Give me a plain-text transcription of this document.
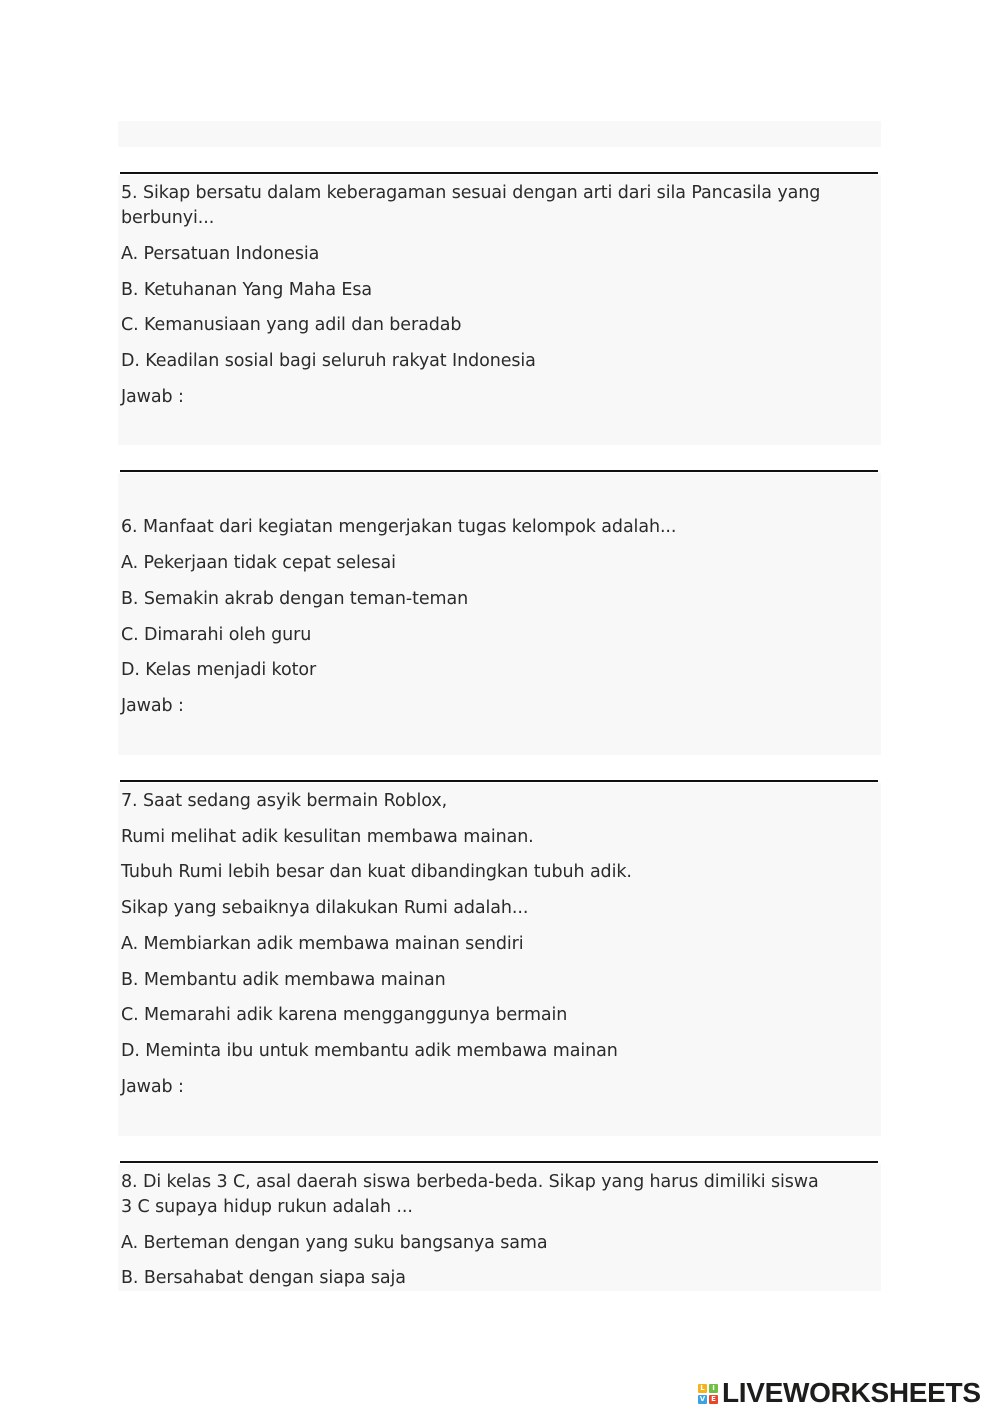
5. Sikap bersatu dalam keberagaman sesuai dengan arti dari sila Pancasila yang berbunyi...
A. Persatuan Indonesia
B. Ketuhanan Yang Maha Esa
C. Kemanusiaan yang adil dan beradab
D. Keadilan sosial bagi seluruh rakyat Indonesia
Jawab :
6. Manfaat dari kegiatan mengerjakan tugas kelompok adalah...
A. Pekerjaan tidak cepat selesai
B. Semakin akrab dengan teman-teman
C. Dimarahi oleh guru
D. Kelas menjadi kotor
Jawab :
7. Saat sedang asyik bermain Roblox,
Rumi melihat adik kesulitan membawa mainan.
Tubuh Rumi lebih besar dan kuat dibandingkan tubuh adik.
Sikap yang sebaiknya dilakukan Rumi adalah...
A. Membiarkan adik membawa mainan sendiri
B. Membantu adik membawa mainan
C. Memarahi adik karena mengganggunya bermain
D. Meminta ibu untuk membantu adik membawa mainan
Jawab :
8. Di kelas 3 C, asal daerah siswa berbeda-beda. Sikap yang harus dimiliki siswa 3 C supaya hidup rukun adalah ...
A. Berteman dengan yang suku bangsanya sama
B. Bersahabat dengan siapa saja
L	I
V E LIVEWORKSHEETS
